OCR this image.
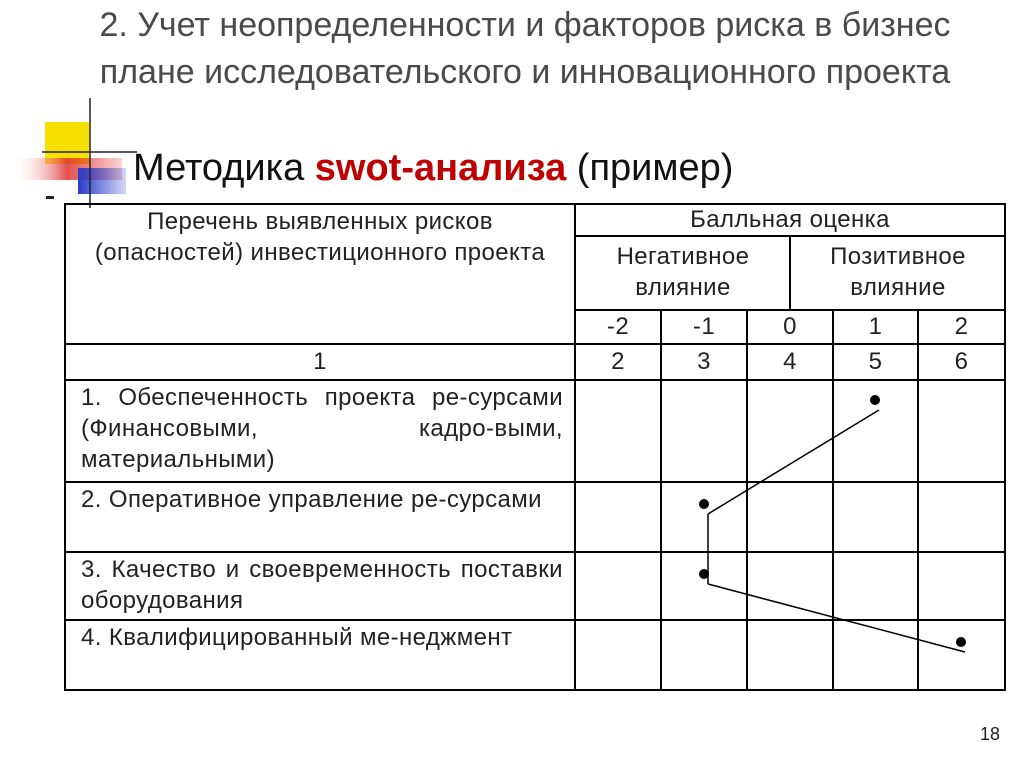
2. Учет неопределенности и факторов риска в бизнес плане исследовательского и инновационного проекта
Методика swot-анализа (пример)
Перечень выявленных рисков (опасностей) инвестиционного проекта
Балльная оценка
Негативное влияние
Позитивное влияние
-2	-1	0	1	2
1	2	3	4	5	6
1. Обеспеченность проекта ре-сурсами (Финансовыми, кадро-выми, материальными)
2. Оперативное управление ре-сурсами
3. Качество и своевременность поставки оборудования
4. Квалифицированный ме-неджмент
18
